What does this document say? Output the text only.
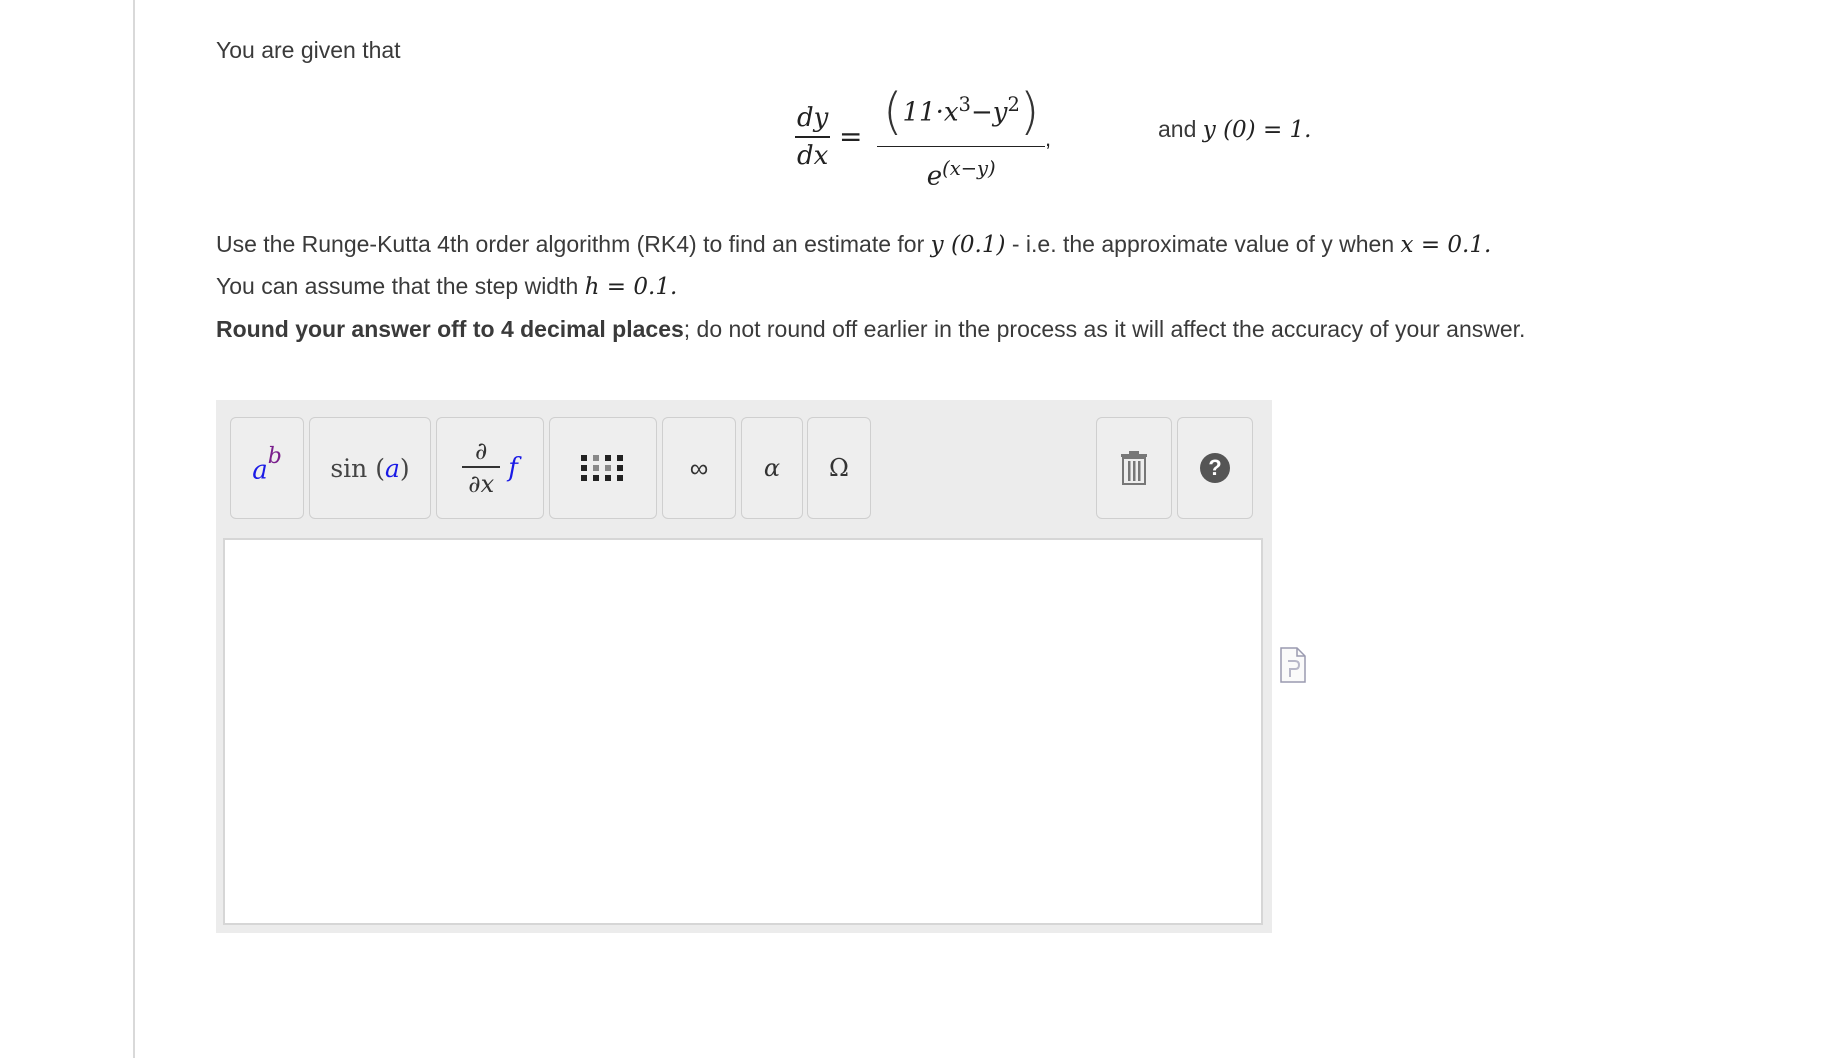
You are given that
dy
dx
= $(11\cdot x^3-y^2)$
$e^{(x-y)}$
,	and y (0) = 1.
Use the Runge-Kutta 4th order algorithm (RK4) to find an estimate for y (0.1) - i.e. the approximate value of y when x = 0.1.
You can assume that the step width h = 0.1.
Round your answer off to 4 decimal places; do not round off earlier in the process as it will affect the accuracy of your answer.
$a^b$ sin (a)
∂
∂x
f	∞	α	Ω	?
